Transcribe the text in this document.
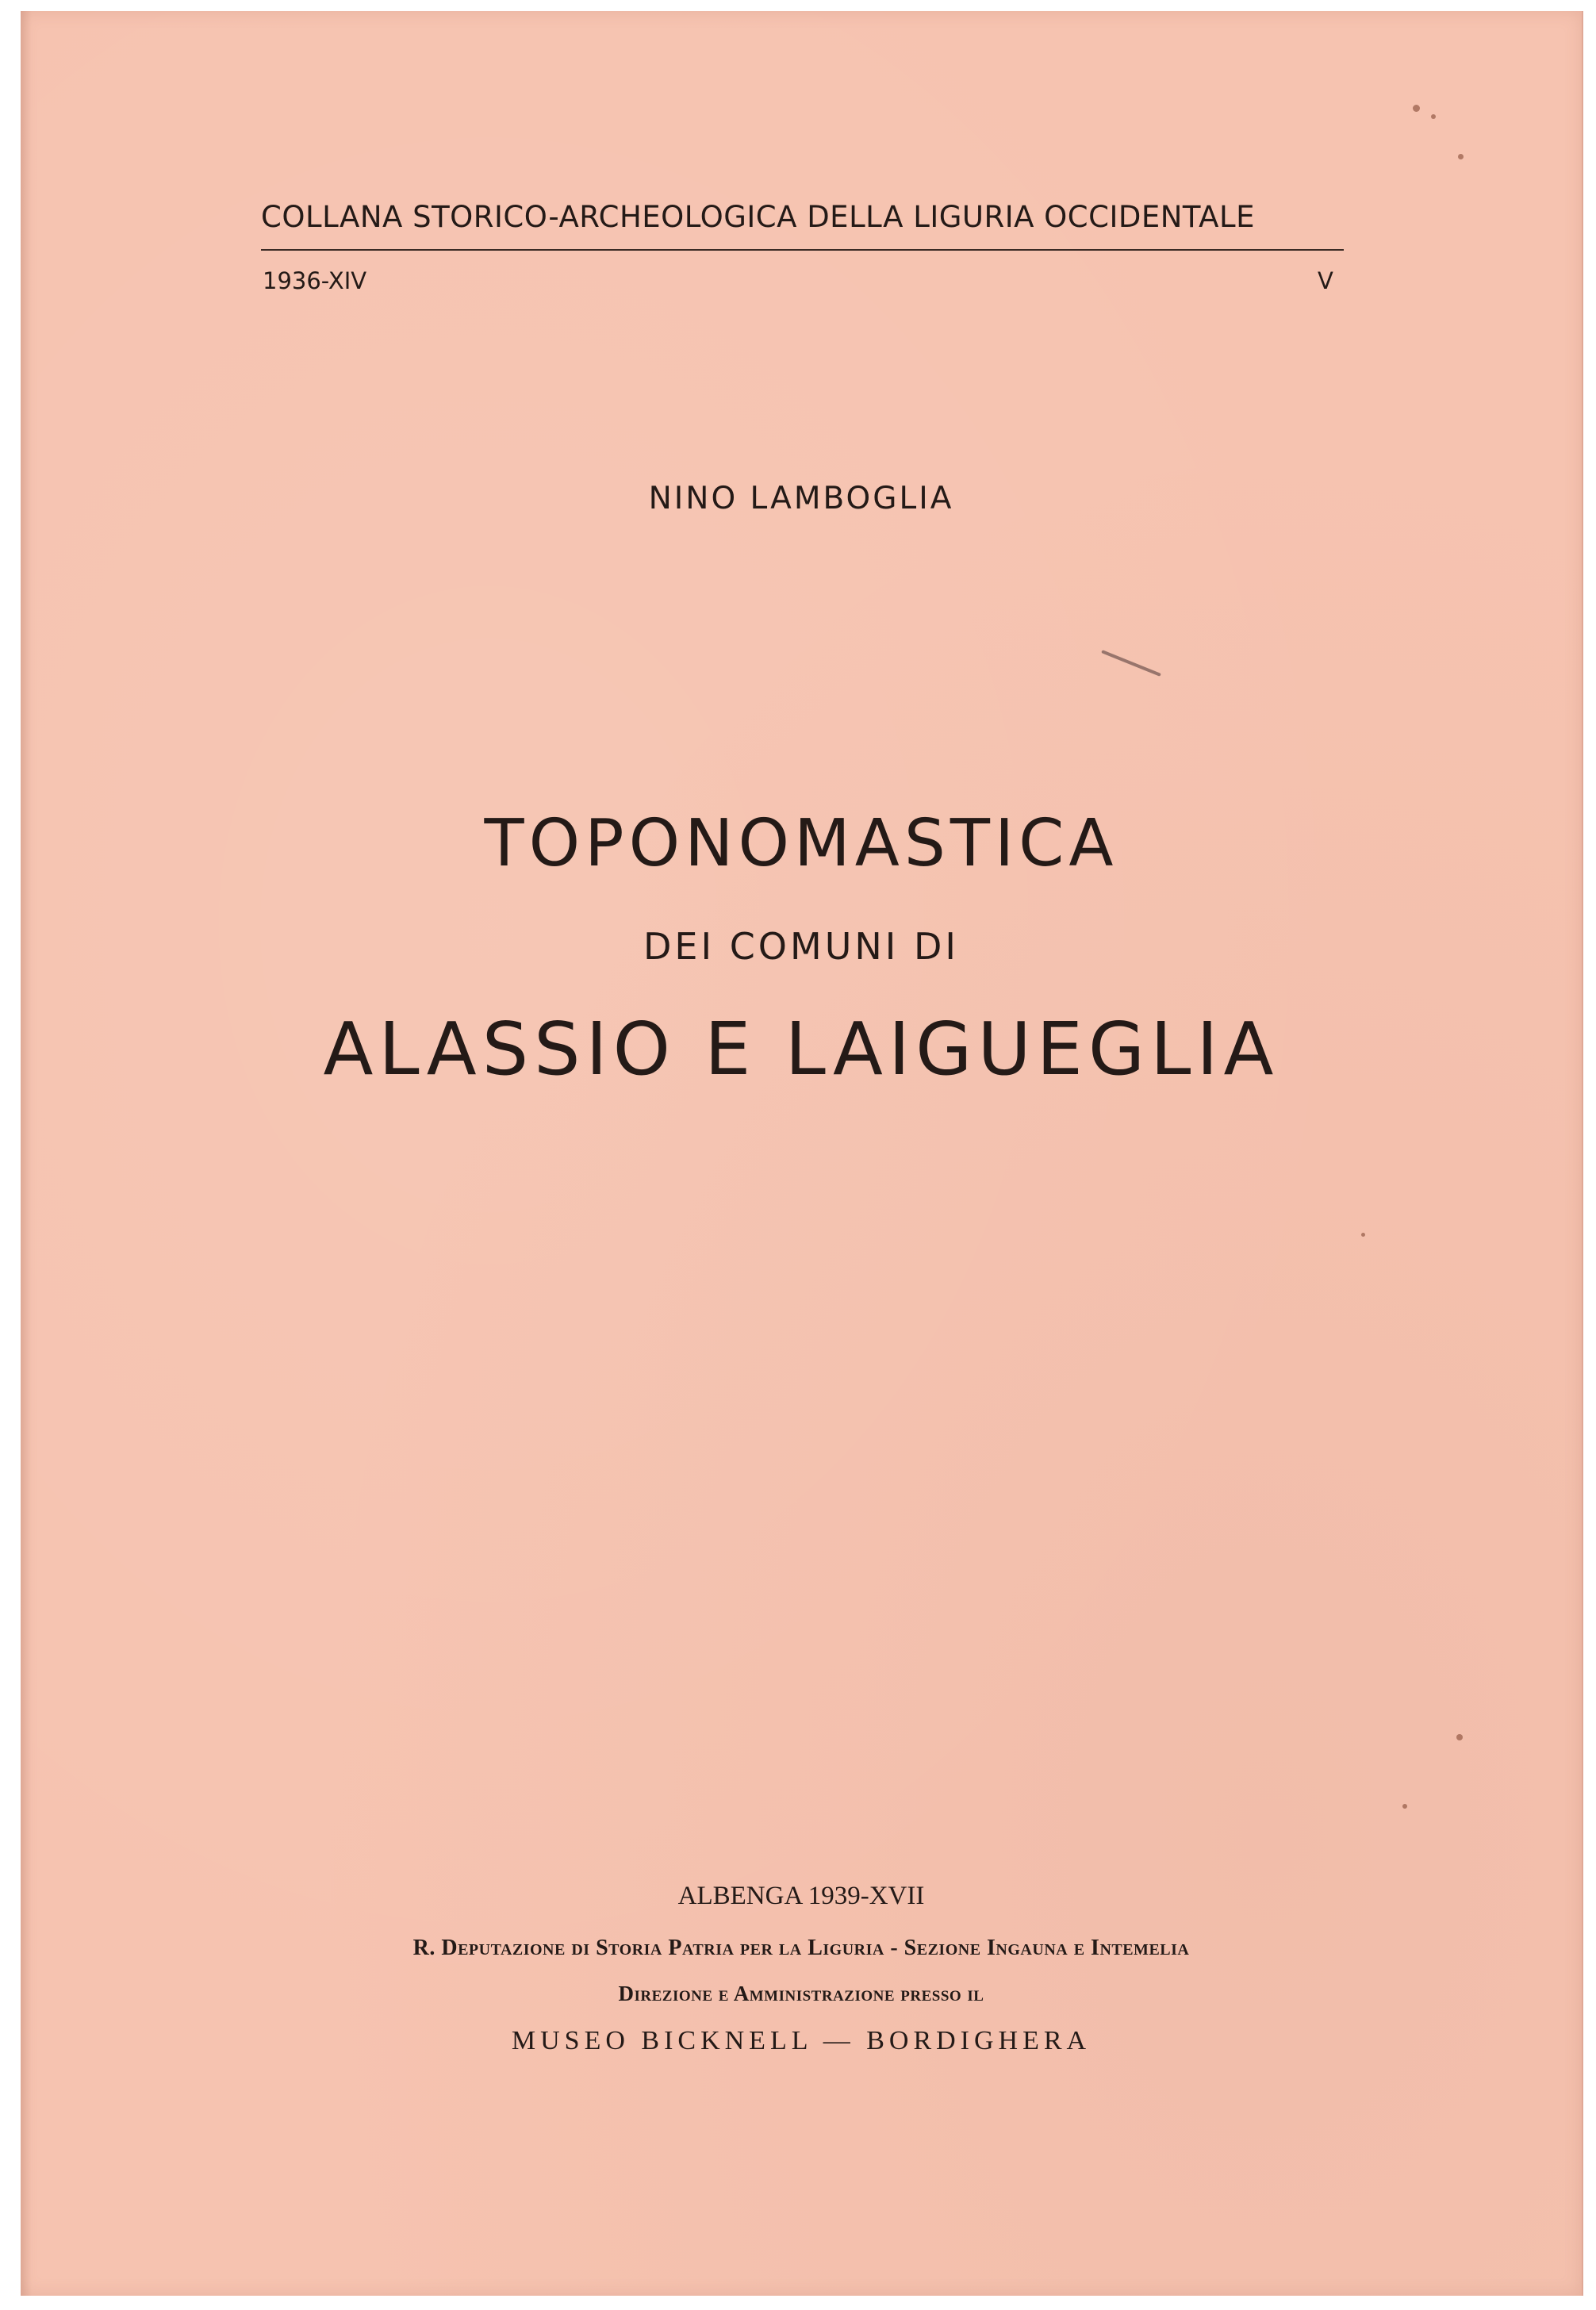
COLLANA STORICO-ARCHEOLOGICA DELLA LIGURIA OCCIDENTALE
1936-XIV	V
NINO LAMBOGLIA
TOPONOMASTICA
DEI COMUNI DI
ALASSIO E LAIGUEGLIA
ALBENGA 1939-XVII
R. Deputazione di Storia Patria per la Liguria - Sezione Ingauna e Intemelia
Direzione e Amministrazione presso il
MUSEO BICKNELL — BORDIGHERA
